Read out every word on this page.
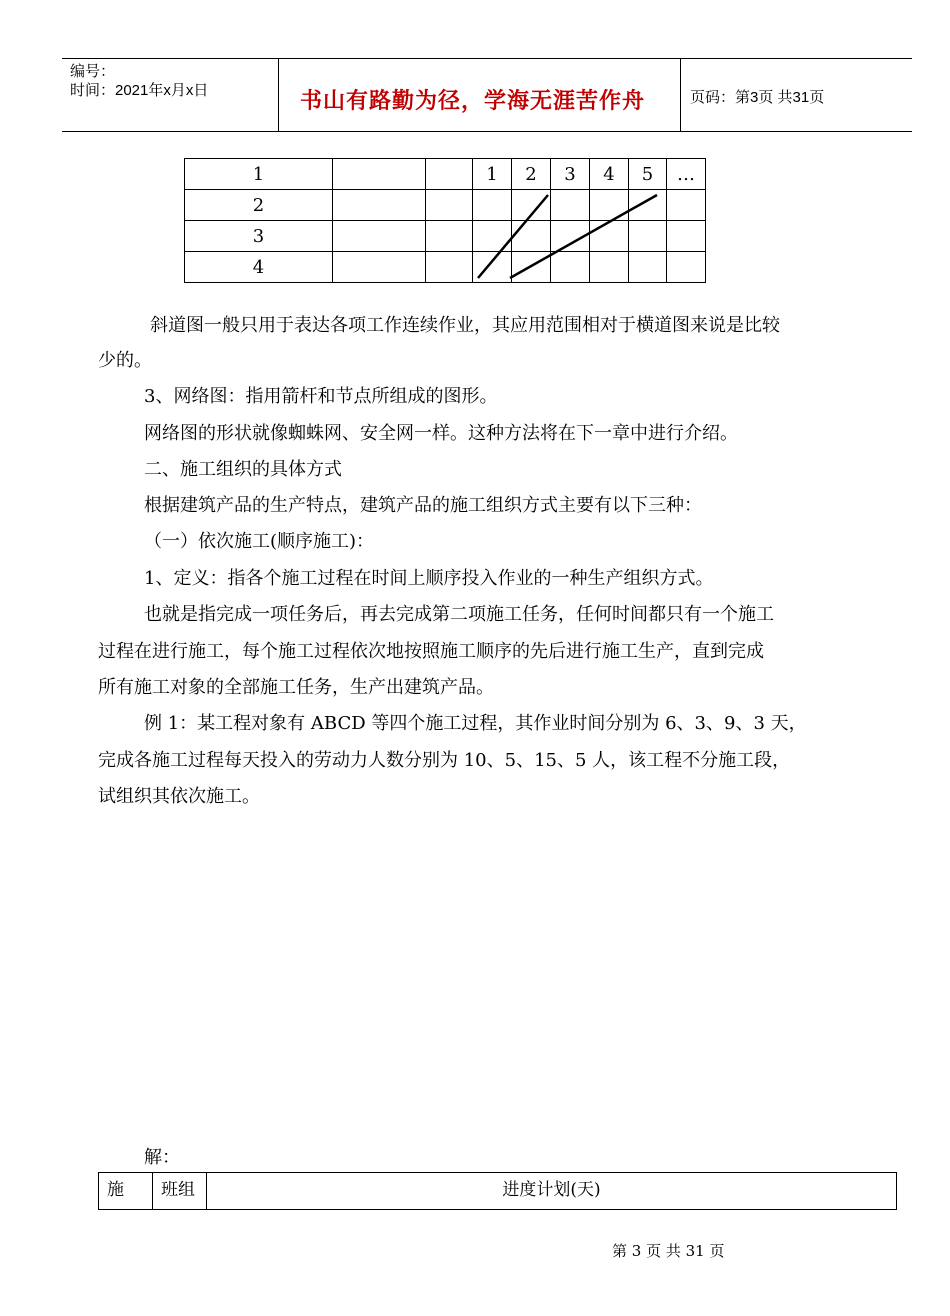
编号：
时间：2021年x月x日	书山有路勤为径，学海无涯苦作舟	页码：第3页 共31页
1			1	2	3	4	5	…
2								
3								
4								
斜道图一般只用于表达各项工作连续作业，其应用范围相对于横道图来说是比较
少的。
3、网络图：指用箭杆和节点所组成的图形。
网络图的形状就像蜘蛛网、安全网一样。这种方法将在下一章中进行介绍。
二、施工组织的具体方式
根据建筑产品的生产特点，建筑产品的施工组织方式主要有以下三种：
（一）依次施工(顺序施工)：
1、定义：指各个施工过程在时间上顺序投入作业的一种生产组织方式。
也就是指完成一项任务后，再去完成第二项施工任务，任何时间都只有一个施工
过程在进行施工，每个施工过程依次地按照施工顺序的先后进行施工生产，直到完成
所有施工对象的全部施工任务，生产出建筑产品。
例 1：某工程对象有 ABCD 等四个施工过程，其作业时间分别为 6、3、9、3 天，
完成各施工过程每天投入的劳动力人数分别为 10、5、15、5 人，该工程不分施工段，
试组织其依次施工。
解：
施	班组	进度计划(天)
第 3 页 共 31 页
